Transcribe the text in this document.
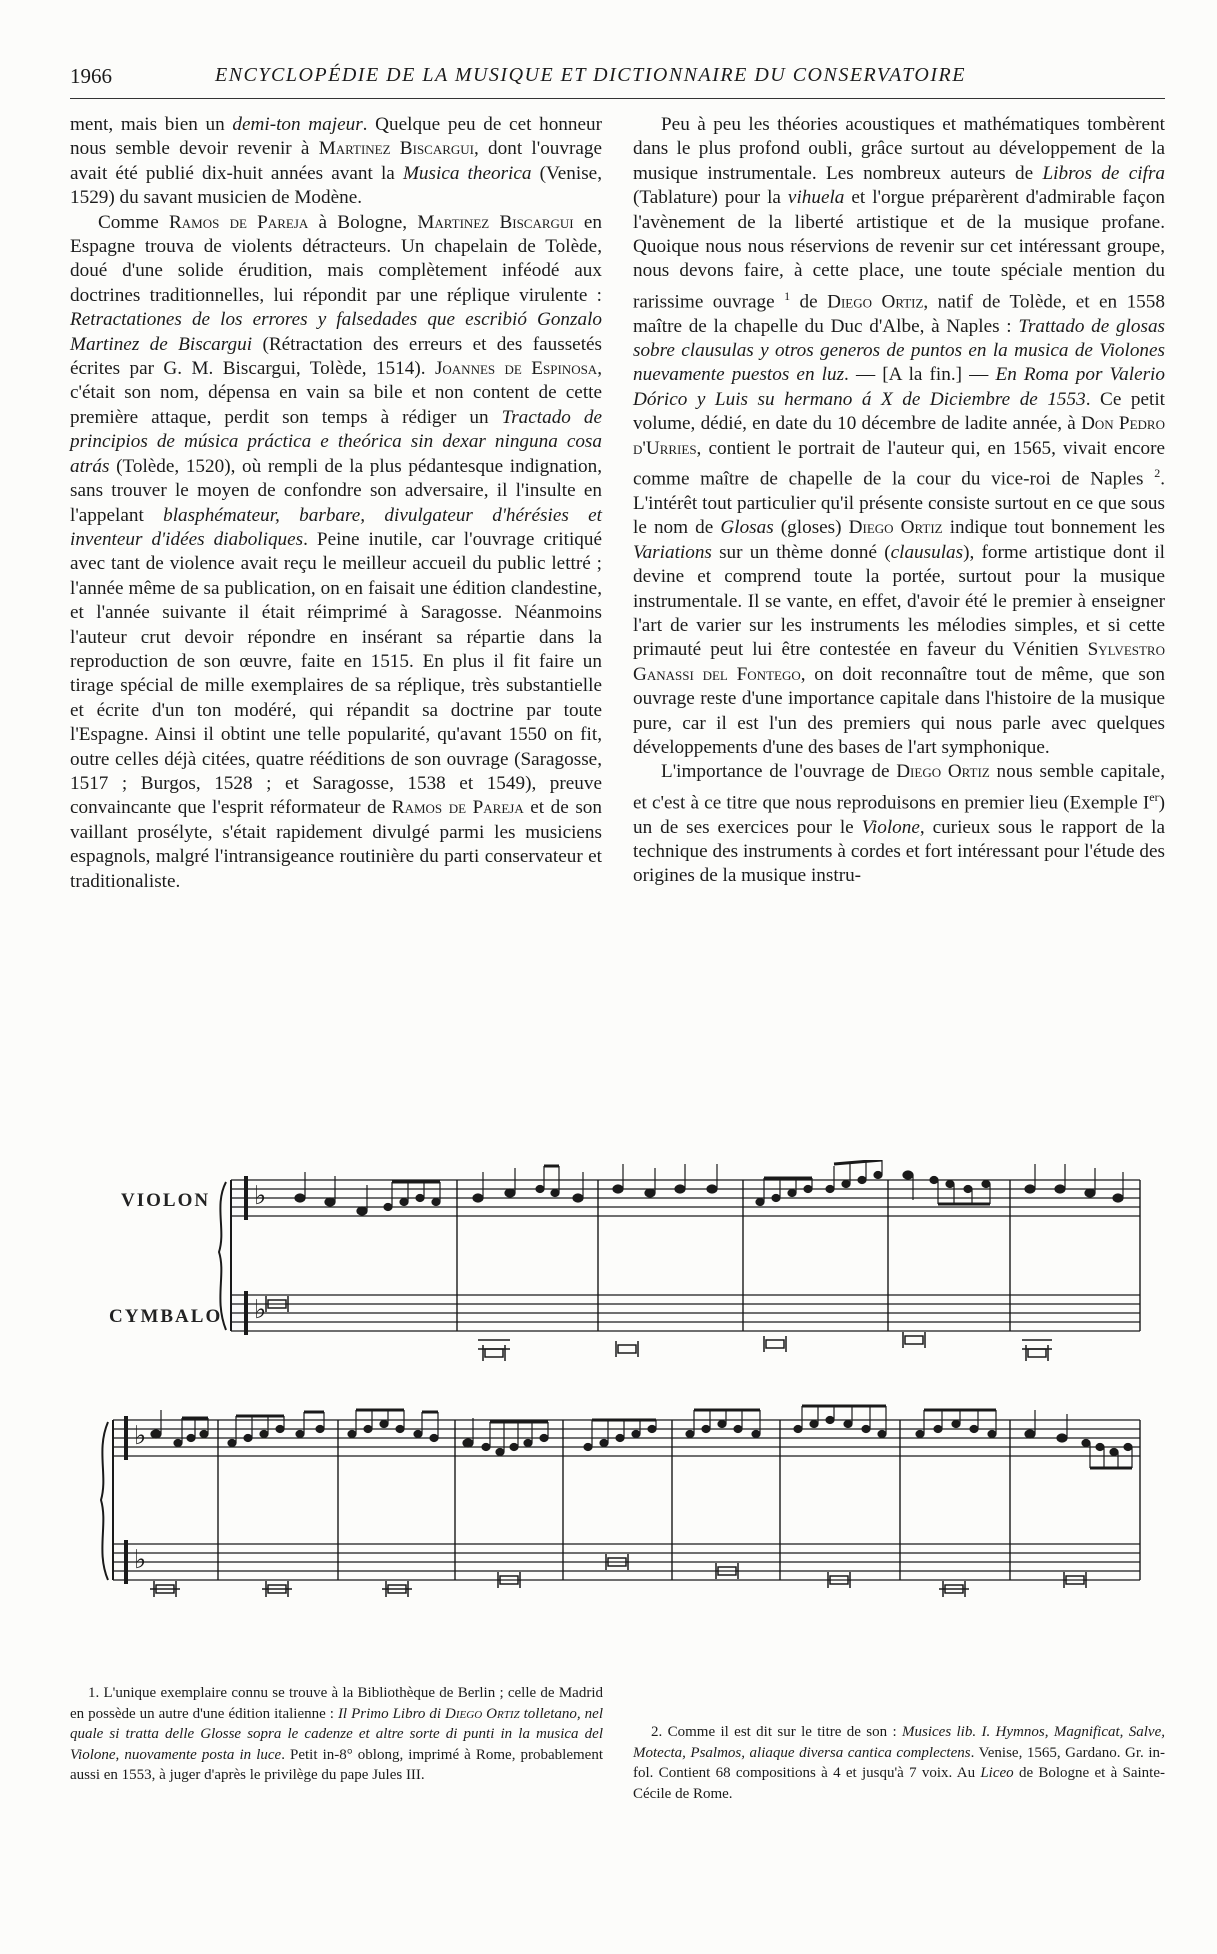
1966	ENCYCLOPÉDIE DE LA MUSIQUE ET DICTIONNAIRE DU CONSERVATOIRE

ment, mais bien un demi-ton majeur. Quelque peu de cet honneur nous semble devoir revenir à Martinez Biscargui, dont l'ouvrage avait été publié dix-huit années avant la Musica theorica (Venise, 1529) du savant musicien de Modène.

Comme Ramos de Pareja à Bologne, Martinez Biscargui en Espagne trouva de violents détracteurs. Un chapelain de Tolède, doué d'une solide érudition, mais complètement inféodé aux doctrines traditionnelles, lui répondit par une réplique virulente : Retractationes de los errores y falsedades que escribió Gonzalo Martinez de Biscargui (Rétractation des erreurs et des faussetés écrites par G. M. Biscargui, Tolède, 1514). Joannes de Espinosa, c'était son nom, dépensa en vain sa bile et non content de cette première attaque, perdit son temps à rédiger un Tractado de principios de música práctica e theórica sin dexar ninguna cosa atrás (Tolède, 1520), où rempli de la plus pédantesque indignation, sans trouver le moyen de confondre son adversaire, il l'insulte en l'appelant blasphémateur, barbare, divulgateur d'hérésies et inventeur d'idées diaboliques. Peine inutile, car l'ouvrage critiqué avec tant de violence avait reçu le meilleur accueil du public lettré ; l'année même de sa publication, on en faisait une édition clandestine, et l'année suivante il était réimprimé à Saragosse. Néanmoins l'auteur crut devoir répondre en insérant sa répartie dans la reproduction de son œuvre, faite en 1515. En plus il fit faire un tirage spécial de mille exemplaires de sa réplique, très substantielle et écrite d'un ton modéré, qui répandit sa doctrine par toute l'Espagne. Ainsi il obtint une telle popularité, qu'avant 1550 on fit, outre celles déjà citées, quatre rééditions de son ouvrage (Saragosse, 1517 ; Burgos, 1528 ; et Saragosse, 1538 et 1549), preuve convaincante que l'esprit réformateur de Ramos de Pareja et de son vaillant prosélyte, s'était rapidement divulgé parmi les musiciens espagnols, malgré l'intransigeance routinière du parti conservateur et traditionaliste.

Peu à peu les théories acoustiques et mathématiques tombèrent dans le plus profond oubli, grâce surtout au développement de la musique instrumentale. Les nombreux auteurs de Libros de cifra (Tablature) pour la vihuela et l'orgue préparèrent d'admirable façon l'avènement de la liberté artistique et de la musique profane. Quoique nous nous réservions de revenir sur cet intéressant groupe, nous devons faire, à cette place, une toute spéciale mention du rarissime ouvrage $^1$ de Diego Ortiz, natif de Tolède, et en 1558 maître de la chapelle du Duc d'Albe, à Naples : Trattado de glosas sobre clausulas y otros generos de puntos en la musica de Violones nuevamente puestos en luz. — [A la fin.] — En Roma por Valerio Dórico y Luis su hermano á X de Diciembre de 1553. Ce petit volume, dédié, en date du 10 décembre de ladite année, à Don Pedro d'Urries, contient le portrait de l'auteur qui, en 1565, vivait encore comme maître de chapelle de la cour du vice-roi de Naples $^2$. L'intérêt tout particulier qu'il présente consiste surtout en ce que sous le nom de Glosas (gloses) Diego Ortiz indique tout bonnement les Variations sur un thème donné (clausulas), forme artistique dont il devine et comprend toute la portée, surtout pour la musique instrumentale. Il se vante, en effet, d'avoir été le premier à enseigner l'art de varier sur les instruments les mélodies simples, et si cette primauté peut lui être contestée en faveur du Vénitien Sylvestro Ganassi del Fontego, on doit reconnaître tout de même, que son ouvrage reste d'une importance capitale dans l'histoire de la musique pure, car il est l'un des premiers qui nous parle avec quelques développements d'une des bases de l'art symphonique.

L'importance de l'ouvrage de Diego Ortiz nous semble capitale, et c'est à ce titre que nous reproduisons en premier lieu (Exemple Ier) un de ses exercices pour le Violone, curieux sous le rapport de la technique des instruments à cordes et fort intéressant pour l'étude des origines de la musique instru-

♭
♭
VIOLON
CYMBALO
♭
♭
1. L'unique exemplaire connu se trouve à la Bibliothèque de Berlin ; celle de Madrid en possède un autre d'une édition italienne : Il Primo Libro di Diego Ortiz tolletano, nel quale si tratta delle Glosse sopra le cadenze et altre sorte di punti in la musica del Violone, nuovamente posta in luce. Petit in-8° oblong, imprimé à Rome, probablement aussi en 1553, à juger d'après le privilège du pape Jules III.
2. Comme il est dit sur le titre de son : Musices lib. I. Hymnos, Magnificat, Salve, Motecta, Psalmos, aliaque diversa cantica complectens. Venise, 1565, Gardano. Gr. in-fol. Contient 68 compositions à 4 et jusqu'à 7 voix. Au Liceo de Bologne et à Sainte-Cécile de Rome.
